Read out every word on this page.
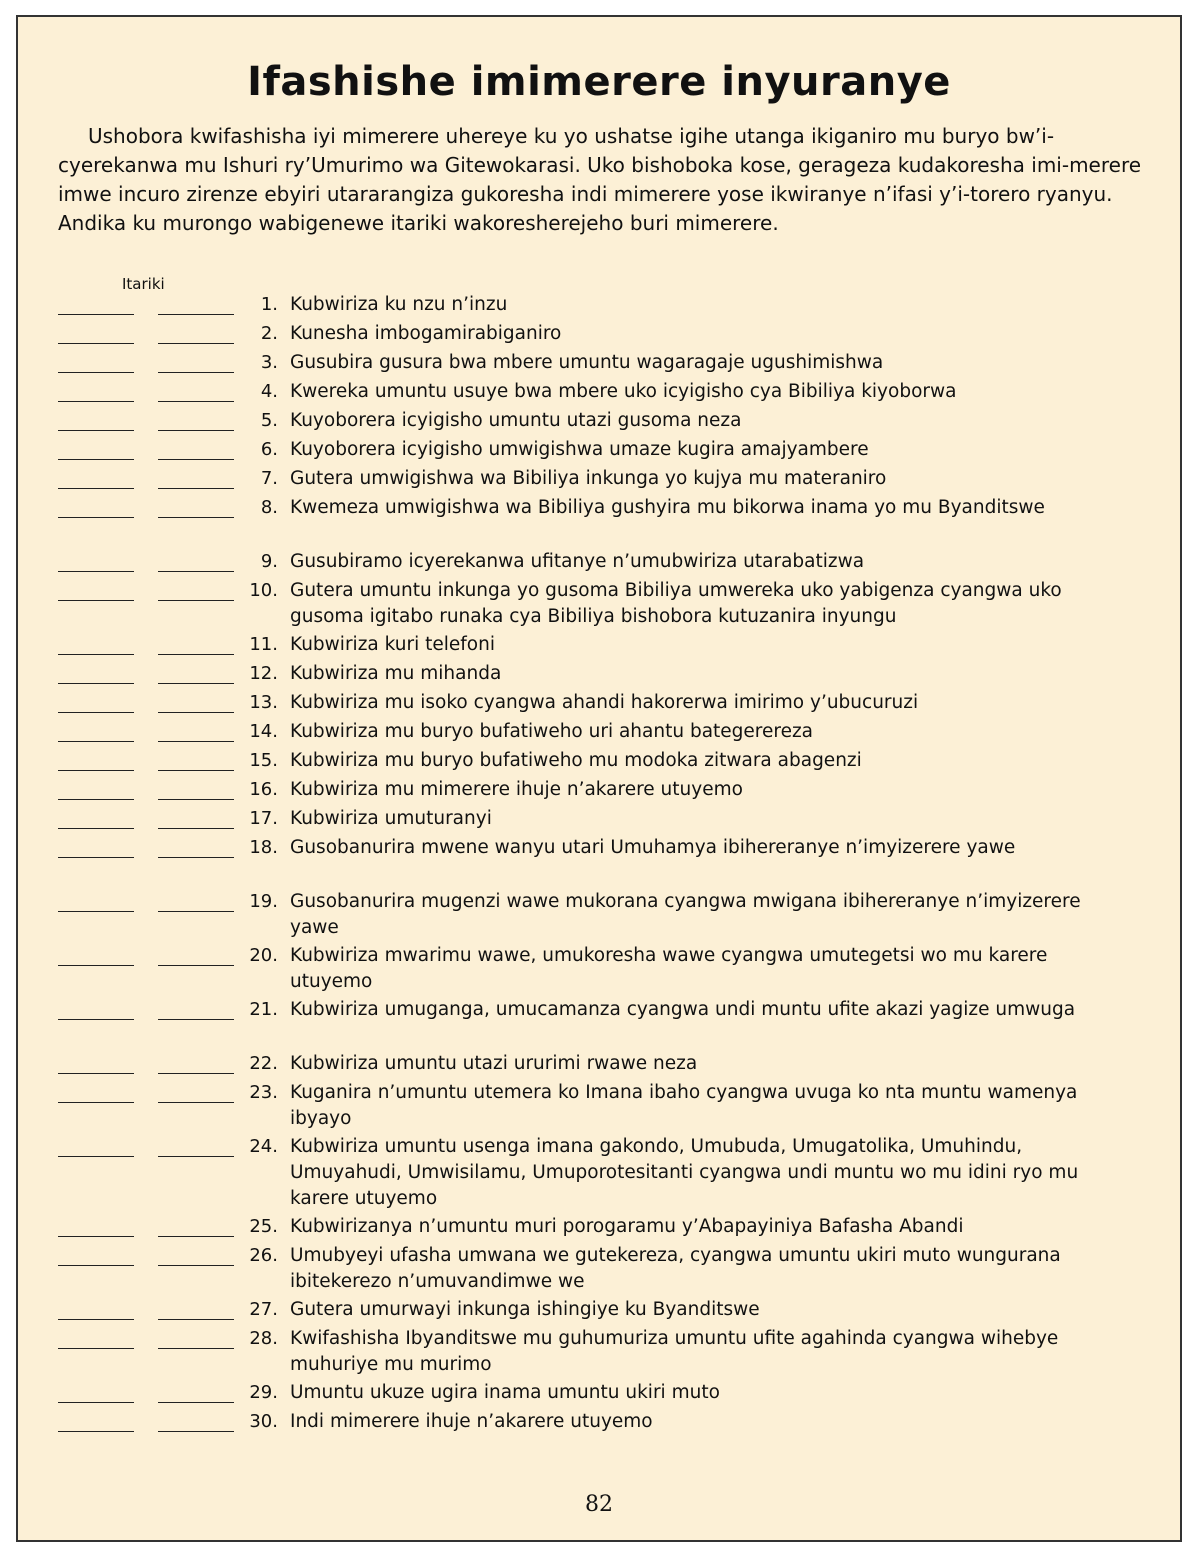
Ifashishe imimerere inyuranye

Ushobora kwifashisha iyi mimerere uhereye ku yo ushatse igihe utanga ikiganiro mu buryo bw’i-cyerekanwa mu Ishuri ry’Umurimo wa Gitewokarasi. Uko bishoboka kose, gerageza kudakoresha imi-merere imwe incuro zirenze ebyiri utararangiza gukoresha indi mimerere yose ikwiranye n’ifasi y’i-torero ryanyu. Andika ku murongo wabigenewe itariki wakoresherejeho buri mimerere.

Itariki
1. Kubwiriza ku nzu n’inzu
2. Kunesha imbogamirabiganiro
3. Gusubira gusura bwa mbere umuntu wagaragaje ugushimishwa
4. Kwereka umuntu usuye bwa mbere uko icyigisho cya Bibiliya kiyoborwa
5. Kuyoborera icyigisho umuntu utazi gusoma neza
6. Kuyoborera icyigisho umwigishwa umaze kugira amajyambere
7. Gutera umwigishwa wa Bibiliya inkunga yo kujya mu materaniro
8. Kwemeza umwigishwa wa Bibiliya gushyira mu bikorwa inama yo mu Byanditswe
9. Gusubiramo icyerekanwa ufitanye n’umubwiriza utarabatizwa
10. Gutera umuntu inkunga yo gusoma Bibiliya umwereka uko yabigenza cyangwa uko gusoma igitabo runaka cya Bibiliya bishobora kutuzanira inyungu
11. Kubwiriza kuri telefoni
12. Kubwiriza mu mihanda
13. Kubwiriza mu isoko cyangwa ahandi hakorerwa imirimo y’ubucuruzi
14. Kubwiriza mu buryo bufatiweho uri ahantu bategerereza
15. Kubwiriza mu buryo bufatiweho mu modoka zitwara abagenzi
16. Kubwiriza mu mimerere ihuje n’akarere utuyemo
17. Kubwiriza umuturanyi
18. Gusobanurira mwene wanyu utari Umuhamya ibihereranye n’imyizerere yawe
19. Gusobanurira mugenzi wawe mukorana cyangwa mwigana ibihereranye n’imyizerere yawe
20. Kubwiriza mwarimu wawe, umukoresha wawe cyangwa umutegetsi wo mu karere utuyemo
21. Kubwiriza umuganga, umucamanza cyangwa undi muntu ufite akazi yagize umwuga
22. Kubwiriza umuntu utazi ururimi rwawe neza
23. Kuganira n’umuntu utemera ko Imana ibaho cyangwa uvuga ko nta muntu wamenya ibyayo
24. Kubwiriza umuntu usenga imana gakondo, Umubuda, Umugatolika, Umuhindu, Umuyahudi, Umwisilamu, Umuporotesitanti cyangwa undi muntu wo mu idini ryo mu karere utuyemo
25. Kubwirizanya n’umuntu muri porogaramu y’Abapayiniya Bafasha Abandi
26. Umubyeyi ufasha umwana we gutekereza, cyangwa umuntu ukiri muto wungurana ibitekerezo n’umuvandimwe we
27. Gutera umurwayi inkunga ishingiye ku Byanditswe
28. Kwifashisha Ibyanditswe mu guhumuriza umuntu ufite agahinda cyangwa wihebye muhuriye mu murimo
29. Umuntu ukuze ugira inama umuntu ukiri muto
30. Indi mimerere ihuje n’akarere utuyemo
82
